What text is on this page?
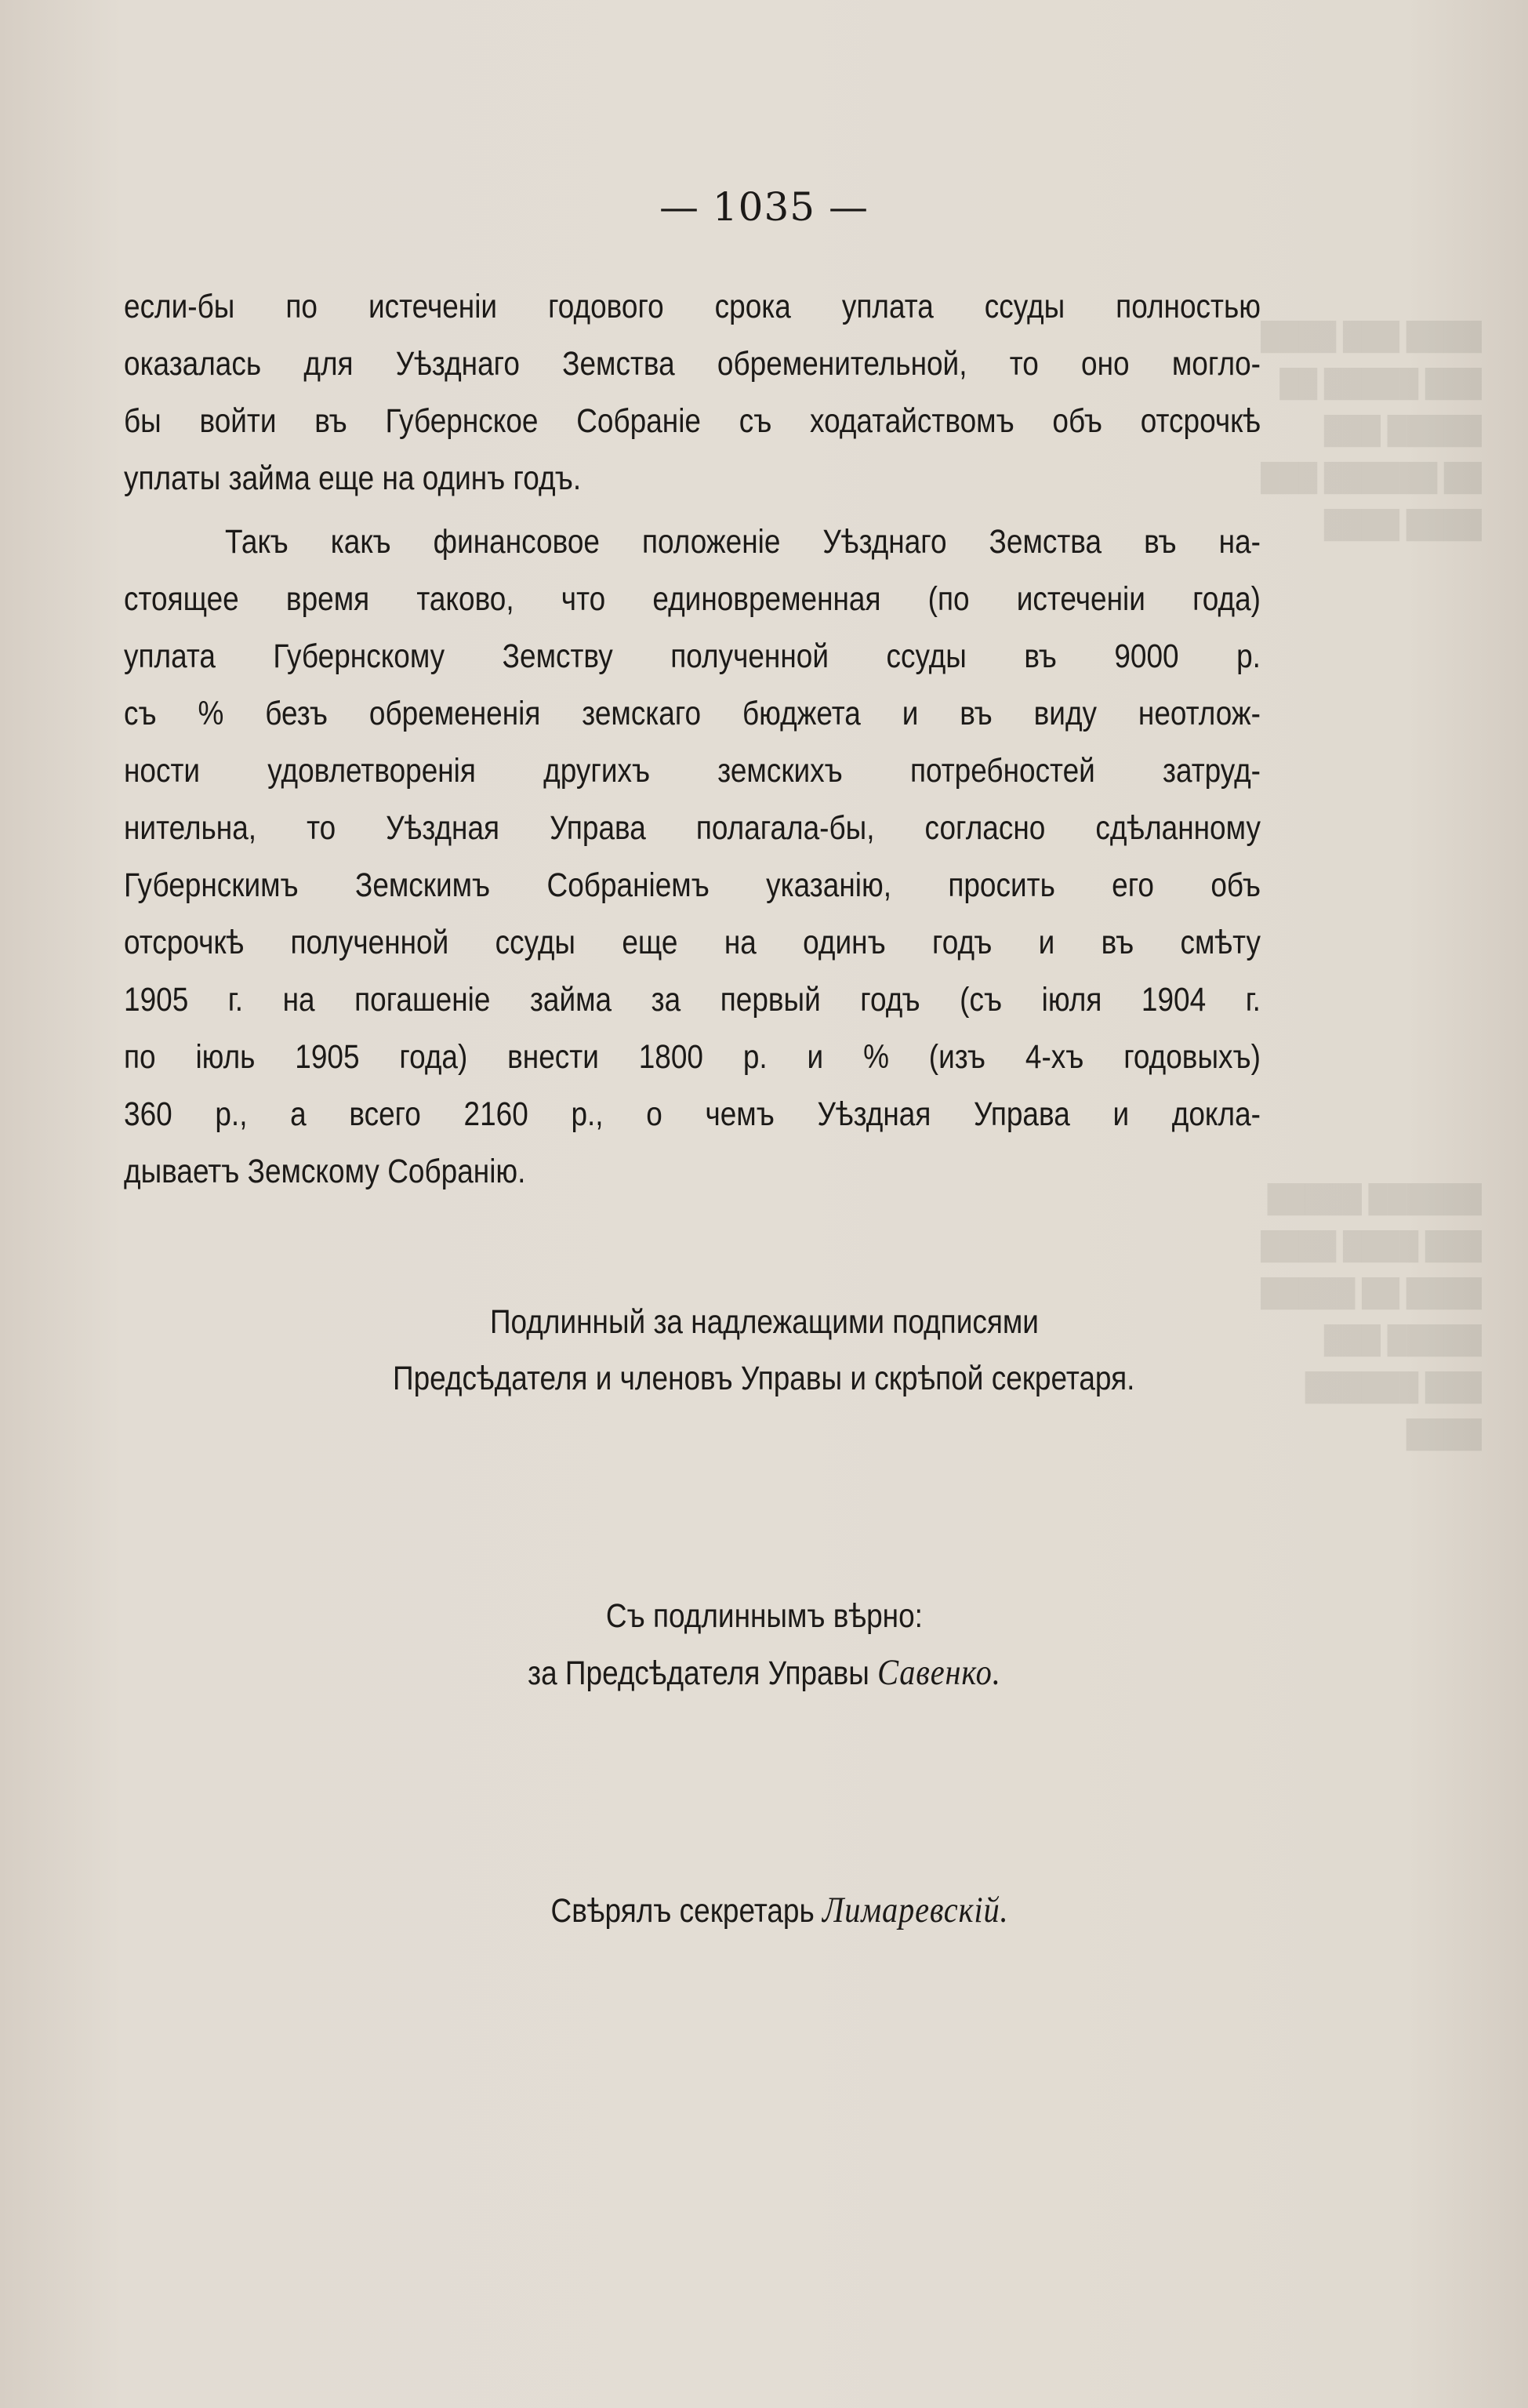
████ ███ ████
███ █████ ██
█████ ███
██ ██████ ███
████ ████
██████ █████
███ ████ ████
████ ██ █████
█████ ███
███ ██████
████
— 1035 —
если-бы по истеченіи годового срока уплата ссуды полностью
оказалась для Уѣзднаго Земства обременительной, то оно моглo-
бы войти въ Губернское Собраніе съ ходатайствомъ объ отсрочкѣ
уплаты займа еще на одинъ годъ.
Такъ какъ финансовое положеніе Уѣзднаго Земства въ на-
стоящее время таково, что единовременная (по истеченіи года)
уплата Губернскому Земству полученной ссуды въ 9000 р.
съ % безъ обремененія земскаго бюджета и въ виду неотлож-
ности удовлетворенія другихъ земскихъ потребностей затруд-
нительна, то Уѣздная Управа полагала-бы, согласно сдѣланному
Губернскимъ Земскимъ Собраніемъ указанію, просить его объ
отсрочкѣ полученной ссуды еще на одинъ годъ и въ смѣту
1905 г. на погашеніе займа за первый годъ (съ іюля 1904 г.
по іюль 1905 года) внести 1800 р. и % (изъ 4-хъ годовыхъ)
360 р., а всего 2160 р., о чемъ Уѣздная Управа и доклa-
дываетъ Земскому Собранію.
Подлинный за надлежащими подписями
Предсѣдателя и членовъ Управы и скрѣпой секретаря.
Съ подлиннымъ вѣрно:
за Предсѣдателя Управы Савенко.
Свѣрялъ секретарь Лимаревскій.
